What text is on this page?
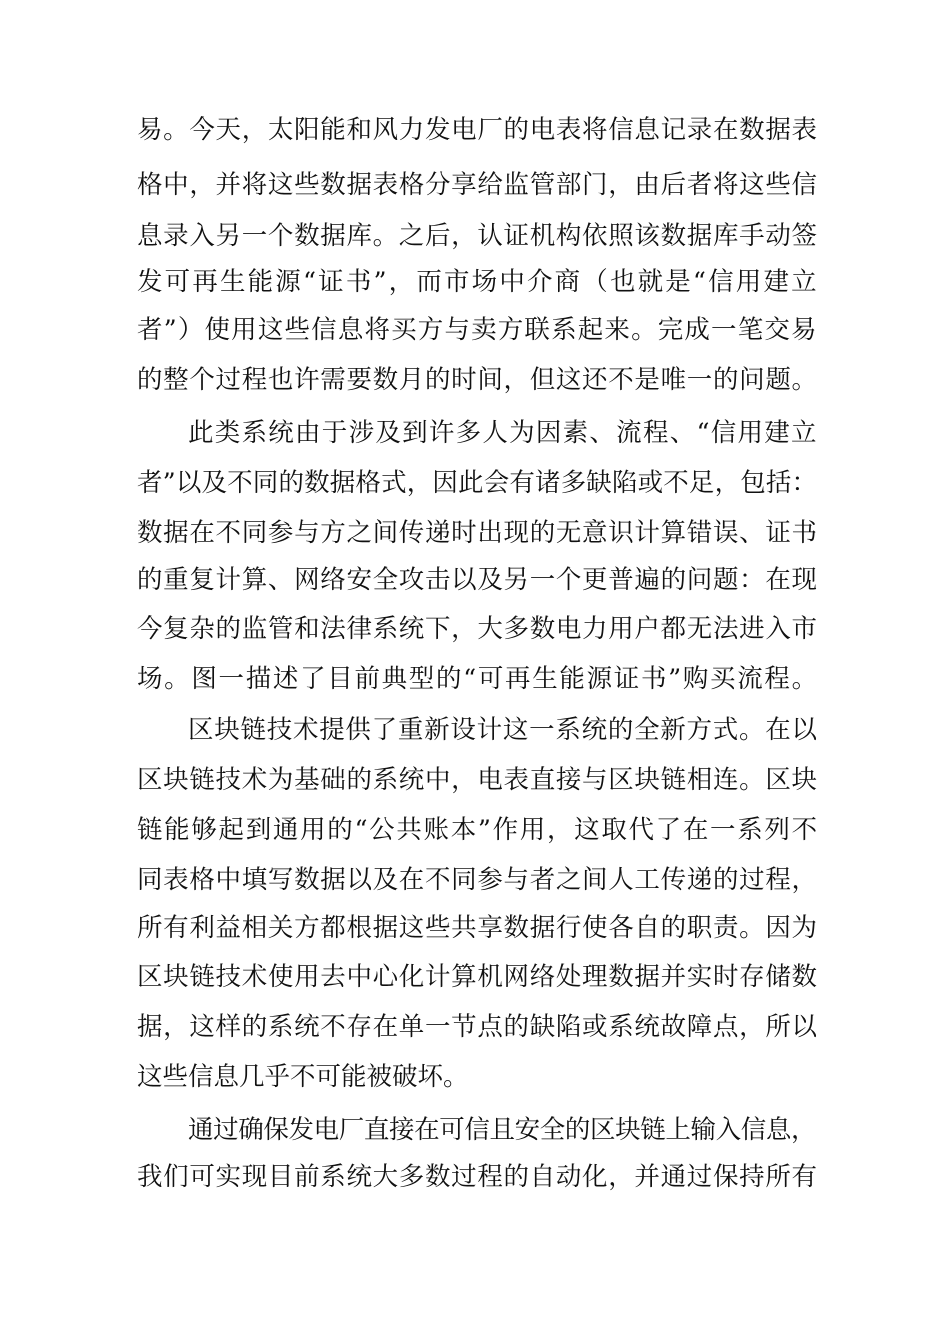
易。今天，太阳能和风力发电厂的电表将信息记录在数据表
格中，并将这些数据表格分享给监管部门，由后者将这些信
息录入另一个数据库。之后，认证机构依照该数据库手动签
发可再生能源“证书”，而市场中介商（也就是“信用建立
者”）使用这些信息将买方与卖方联系起来。完成一笔交易
的整个过程也许需要数月的时间，但这还不是唯一的问题。
此类系统由于涉及到许多人为因素、流程、“信用建立
者”以及不同的数据格式，因此会有诸多缺陷或不足，包括：
数据在不同参与方之间传递时出现的无意识计算错误、证书
的重复计算、网络安全攻击以及另一个更普遍的问题：在现
今复杂的监管和法律系统下，大多数电力用户都无法进入市
场。图一描述了目前典型的“可再生能源证书”购买流程。
区块链技术提供了重新设计这一系统的全新方式。在以
区块链技术为基础的系统中，电表直接与区块链相连。区块
链能够起到通用的“公共账本”作用，这取代了在一系列不
同表格中填写数据以及在不同参与者之间人工传递的过程，
所有利益相关方都根据这些共享数据行使各自的职责。因为
区块链技术使用去中心化计算机网络处理数据并实时存储数
据，这样的系统不存在单一节点的缺陷或系统故障点，所以
这些信息几乎不可能被破坏。
通过确保发电厂直接在可信且安全的区块链上输入信息，
我们可实现目前系统大多数过程的自动化，并通过保持所有
